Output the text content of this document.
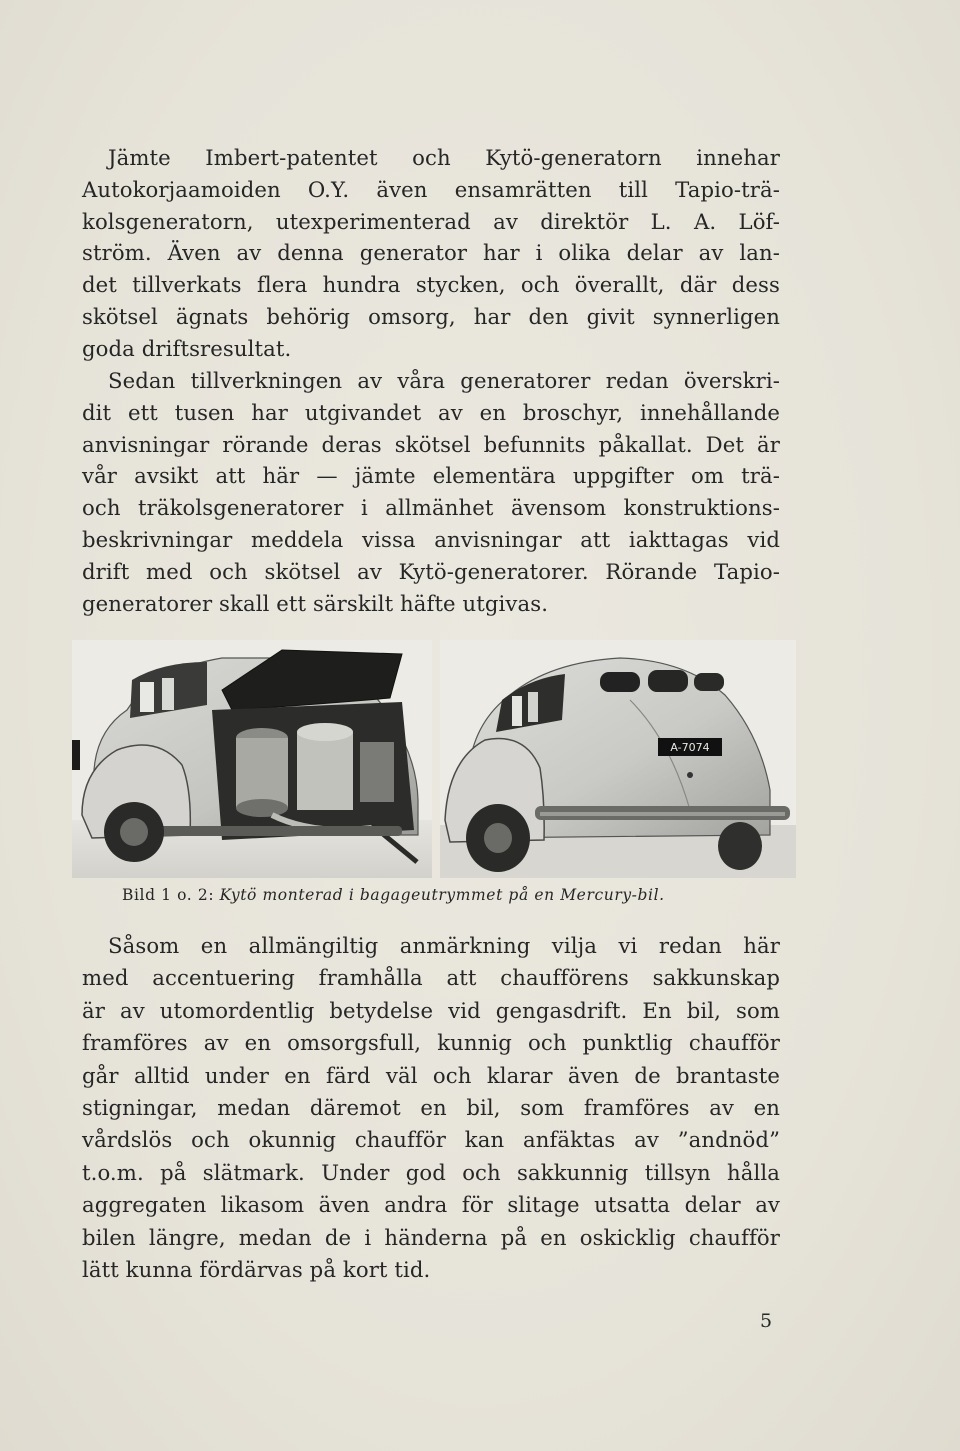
Jämte Imbert-patentet och Kytö-generatorn innehar
Autokorjaamoiden O.Y. även ensamrätten till Tapio-trä-
kolsgeneratorn, utexperimenterad av direktör L. A. Löf-
ström. Även av denna generator har i olika delar av lan-
det tillverkats flera hundra stycken, och överallt, där dess
skötsel ägnats behörig omsorg, har den givit synnerligen
goda driftsresultat.
Sedan tillverkningen av våra generatorer redan överskri-
dit ett tusen har utgivandet av en broschyr, innehållande
anvisningar rörande deras skötsel befunnits påkallat. Det är
vår avsikt att här — jämte elementära uppgifter om trä-
och träkolsgeneratorer i allmänhet ävensom konstruktions-
beskrivningar meddela vissa anvisningar att iakttagas vid
drift med och skötsel av Kytö-generatorer. Rörande Tapio-
generatorer skall ett särskilt häfte utgivas.
A-7074
Bild 1 o. 2: Kytö monterad i bagageutrymmet på en Mercury-bil.
Såsom en allmängiltig anmärkning vilja vi redan här
med accentuering framhålla att chaufförens sakkunskap
är av utomordentlig betydelse vid gengasdrift. En bil, som
framföres av en omsorgsfull, kunnig och punktlig chaufför
går alltid under en färd väl och klarar även de brantaste
stigningar, medan däremot en bil, som framföres av en
vårdslös och okunnig chaufför kan anfäktas av ”andnöd”
t.o.m. på slätmark. Under god och sakkunnig tillsyn hålla
aggregaten likasom även andra för slitage utsatta delar av
bilen längre, medan de i händerna på en oskicklig chaufför
lätt kunna fördärvas på kort tid.
5
